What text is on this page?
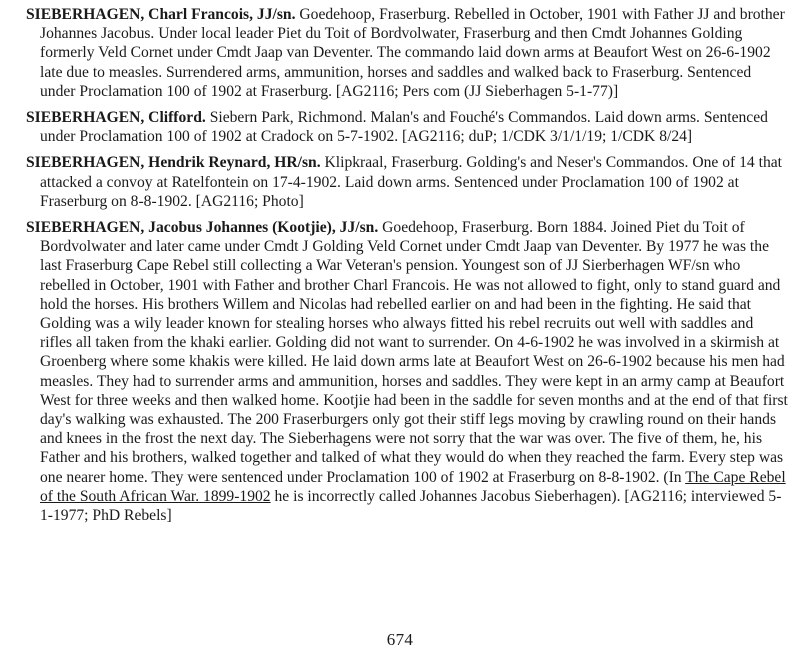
SIEBERHAGEN, Charl Francois, JJ/sn. Goedehoop, Fraserburg. Rebelled in October, 1901 with Father JJ and brother Johannes Jacobus. Under local leader Piet du Toit of Bordvolwater, Fraserburg and then Cmdt Johannes Golding formerly Veld Cornet under Cmdt Jaap van Deventer. The commando laid down arms at Beaufort West on 26-6-1902 late due to measles. Surrendered arms, ammunition, horses and saddles and walked back to Fraserburg. Sentenced under Proclamation 100 of 1902 at Fraserburg. [AG2116; Pers com (JJ Sieberhagen 5-1-77)]

SIEBERHAGEN, Clifford. Siebern Park, Richmond. Malan's and Fouché's Commandos. Laid down arms. Sentenced under Proclamation 100 of 1902 at Cradock on 5-7-1902. [AG2116; duP; 1/CDK 3/1/1/19; 1/CDK 8/24]

SIEBERHAGEN, Hendrik Reynard, HR/sn. Klipkraal, Fraserburg. Golding's and Neser's Commandos. One of 14 that attacked a convoy at Ratelfontein on 17-4-1902. Laid down arms. Sentenced under Proclamation 100 of 1902 at Fraserburg on 8-8-1902. [AG2116; Photo]

SIEBERHAGEN, Jacobus Johannes (Kootjie), JJ/sn. Goedehoop, Fraserburg. Born 1884. Joined Piet du Toit of Bordvolwater and later came under Cmdt J Golding Veld Cornet under Cmdt Jaap van Deventer. By 1977 he was the last Fraserburg Cape Rebel still collecting a War Veteran's pension. Youngest son of JJ Sierberhagen WF/sn who rebelled in October, 1901 with Father and brother Charl Francois. He was not allowed to fight, only to stand guard and hold the horses. His brothers Willem and Nicolas had rebelled earlier on and had been in the fighting. He said that Golding was a wily leader known for stealing horses who always fitted his rebel recruits out well with saddles and rifles all taken from the khaki earlier. Golding did not want to surrender. On 4-6-1902 he was involved in a skirmish at Groenberg where some khakis were killed. He laid down arms late at Beaufort West on 26-6-1902 because his men had measles. They had to surrender arms and ammunition, horses and saddles. They were kept in an army camp at Beaufort West for three weeks and then walked home. Kootjie had been in the saddle for seven months and at the end of that first day's walking was exhausted. The 200 Fraserburgers only got their stiff legs moving by crawling round on their hands and knees in the frost the next day. The Sieberhagens were not sorry that the war was over. The five of them, he, his Father and his brothers, walked together and talked of what they would do when they reached the farm. Every step was one nearer home. They were sentenced under Proclamation 100 of 1902 at Fraserburg on 8-8-1902. (In The Cape Rebel of the South African War. 1899-1902 he is incorrectly called Johannes Jacobus Sieberhagen). [AG2116; interviewed 5-1-1977; PhD Rebels]

674
